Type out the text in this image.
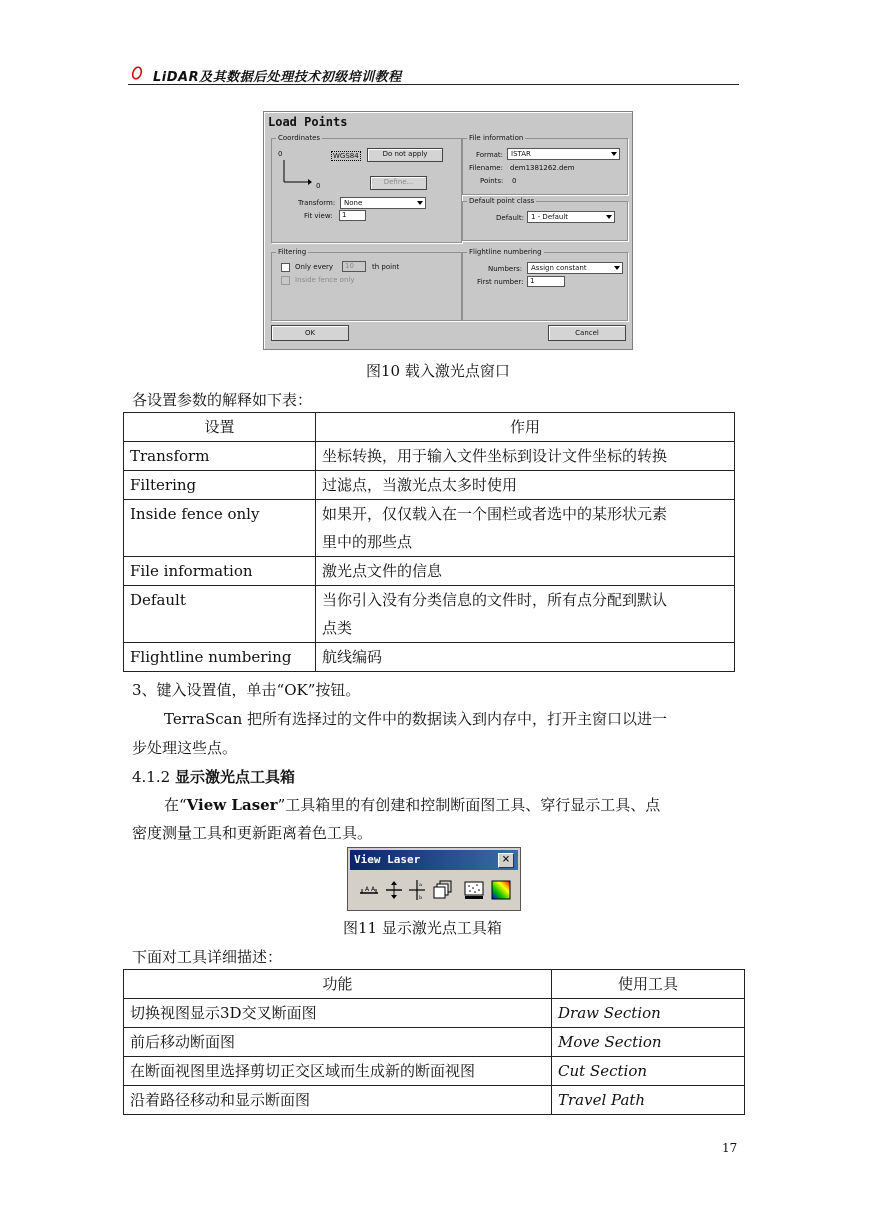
LiDAR及其数据后处理技术初级培训教程
Load Points
Coordinates
0
0
WGS84	Do not apply
Define...
Transform:	None
Fit view:	1
File information
Format:	ISTAR
Filename: dem1381262.dem
Points: 0
Default point class
Default:	1 - Default
Filtering
Only every	10	th point
Inside fence only
Flightline numbering
Numbers:	Assign constant
First number: 1
OK	Cancel
图10 载入激光点窗口
各设置参数的解释如下表：
设置	作用
Transform	坐标转换，用于输入文件坐标到设计文件坐标的转换
Filtering	过滤点，当激光点太多时使用
Inside fence only	如果开，仅仅载入在一个围栏或者选中的某形状元素
里中的那些点

File information	激光点文件的信息
Default	当你引入没有分类信息的文件时，所有点分配到默认
点类

Flightline numbering	航线编码
3、键入设置值，单击“OK”按钮。
TerraScan 把所有选择过的文件中的数据读入到内存中，打开主窗口以进一
步处理这些点。
4.1.2 显示激光点工具箱
在“View Laser”工具箱里的有创建和控制断面图工具、穿行显示工具、点
密度测量工具和更新距离着色工具。
View Laser	×
A A
a
b
图11 显示激光点工具箱
下面对工具详细描述：
功能	使用工具
切换视图显示3D交叉断面图	Draw Section
前后移动断面图	Move Section
在断面视图里选择剪切正交区域而生成新的断面视图	Cut Section
沿着路径移动和显示断面图	Travel Path
17
